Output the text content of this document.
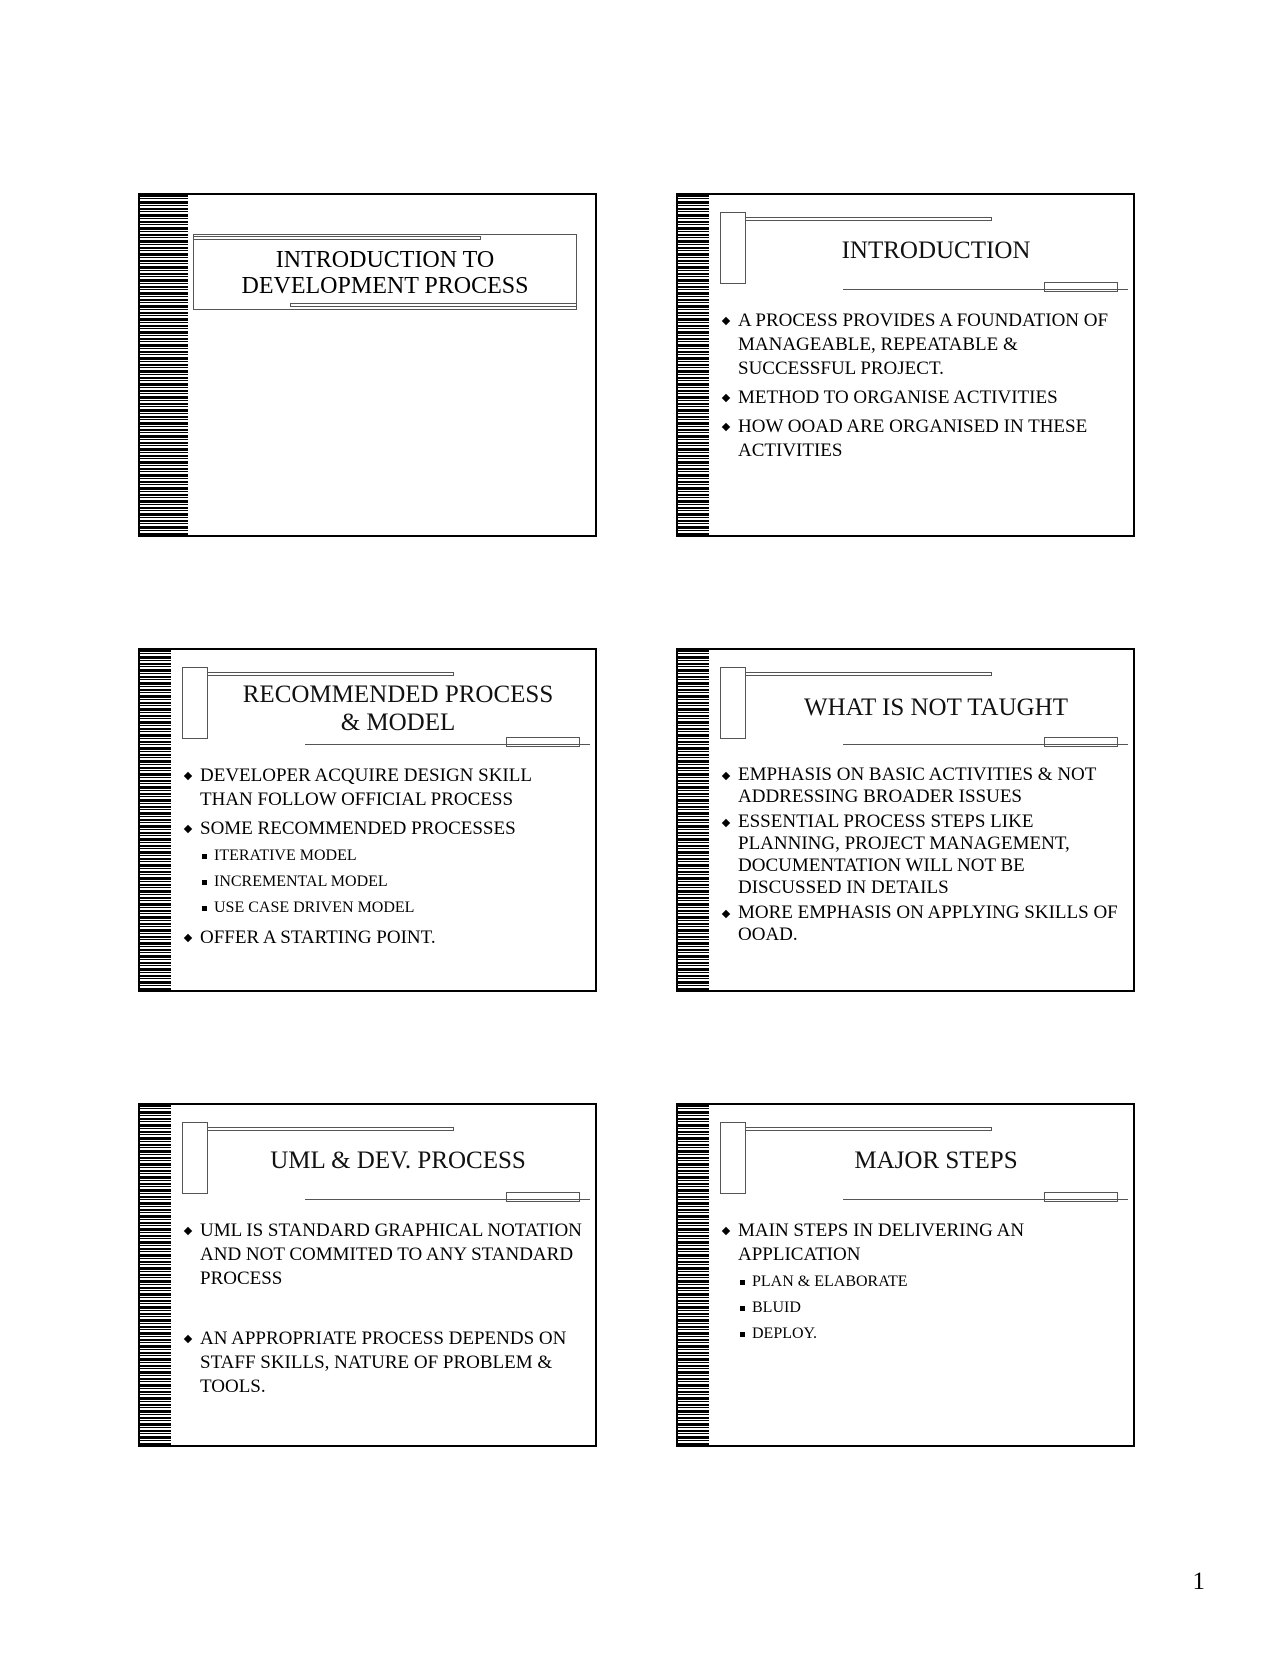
INTRODUCTION TO
DEVELOPMENT PROCESS
INTRODUCTION
A PROCESS PROVIDES A FOUNDATION OF MANAGEABLE, REPEATABLE & SUCCESSFUL PROJECT.
METHOD TO ORGANISE ACTIVITIES
HOW OOAD ARE ORGANISED IN THESE ACTIVITIES
RECOMMENDED PROCESS
& MODEL
DEVELOPER ACQUIRE DESIGN SKILL THAN FOLLOW OFFICIAL PROCESS
SOME RECOMMENDED PROCESSES
ITERATIVE MODEL
INCREMENTAL MODEL
USE CASE DRIVEN MODEL
OFFER A STARTING POINT.
WHAT IS NOT TAUGHT
EMPHASIS ON BASIC ACTIVITIES & NOT ADDRESSING BROADER ISSUES
ESSENTIAL PROCESS STEPS LIKE PLANNING, PROJECT MANAGEMENT, DOCUMENTATION WILL NOT BE DISCUSSED IN DETAILS
MORE EMPHASIS ON APPLYING SKILLS OF OOAD.
UML & DEV. PROCESS
UML IS STANDARD GRAPHICAL NOTATION AND NOT COMMITED TO ANY STANDARD PROCESS
AN APPROPRIATE PROCESS DEPENDS ON STAFF SKILLS, NATURE OF PROBLEM & TOOLS.
MAJOR STEPS
MAIN STEPS IN DELIVERING AN APPLICATION
PLAN & ELABORATE
BLUID
DEPLOY.
1
